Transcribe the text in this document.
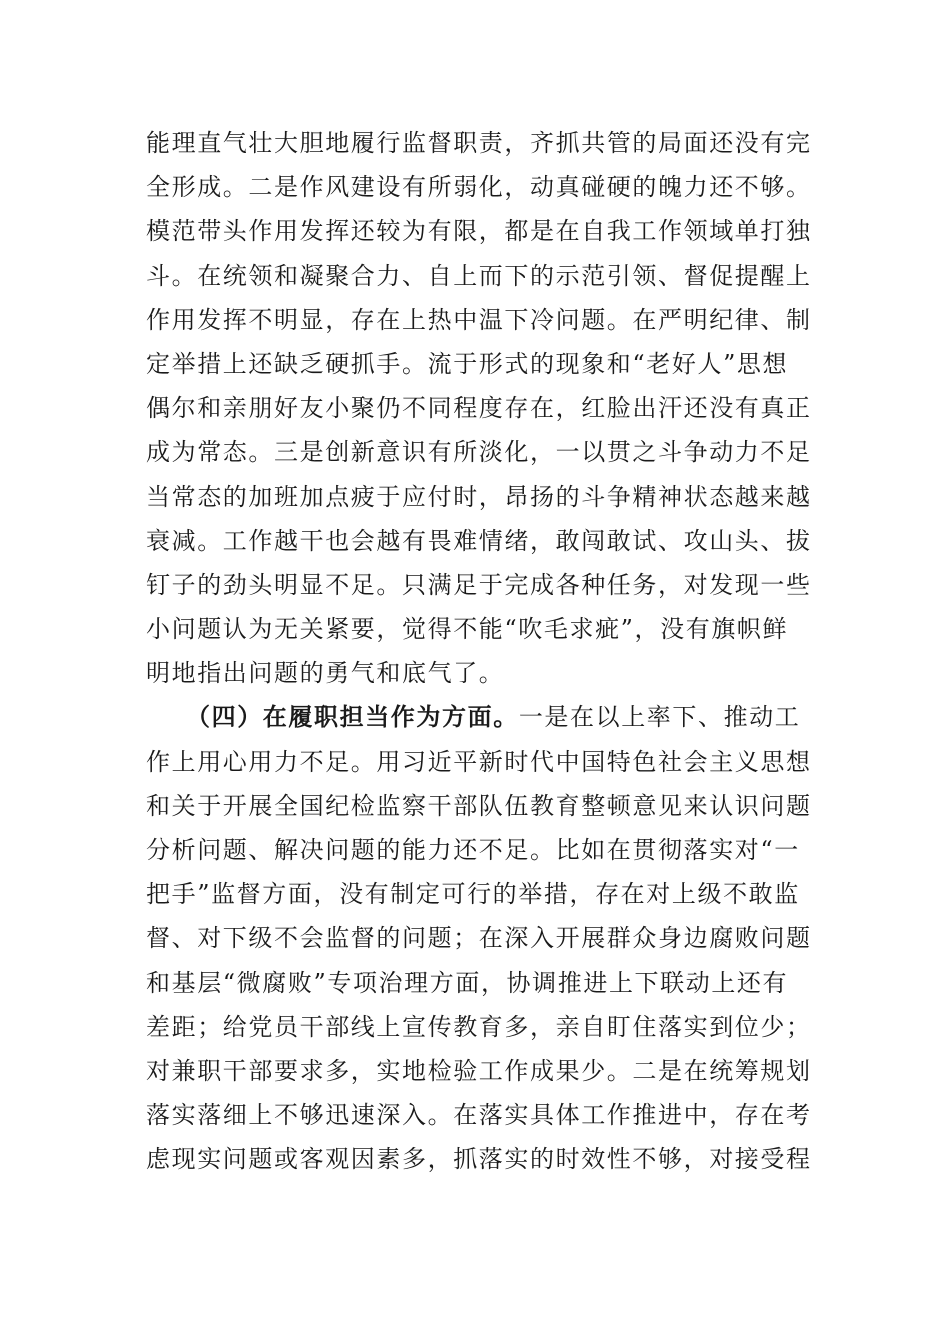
能理直气壮大胆地履行监督职责，齐抓共管的局面还没有完
全形成。二是作风建设有所弱化，动真碰硬的魄力还不够。
模范带头作用发挥还较为有限，都是在自我工作领域单打独
斗。在统领和凝聚合力、自上而下的示范引领、督促提醒上
作用发挥不明显，存在上热中温下冷问题。在严明纪律、制
定举措上还缺乏硬抓手。流于形式的现象和“老好人”思想
偶尔和亲朋好友小聚仍不同程度存在，红脸出汗还没有真正
成为常态。三是创新意识有所淡化，一以贯之斗争动力不足
当常态的加班加点疲于应付时，昂扬的斗争精神状态越来越
衰减。工作越干也会越有畏难情绪，敢闯敢试、攻山头、拔
钉子的劲头明显不足。只满足于完成各种任务，对发现一些
小问题认为无关紧要，觉得不能“吹毛求疵”，没有旗帜鲜
明地指出问题的勇气和底气了。
（四）在履职担当作为方面。一是在以上率下、推动工
作上用心用力不足。用习近平新时代中国特色社会主义思想
和关于开展全国纪检监察干部队伍教育整顿意见来认识问题
分析问题、解决问题的能力还不足。比如在贯彻落实对“一
把手”监督方面，没有制定可行的举措，存在对上级不敢监
督、对下级不会监督的问题；在深入开展群众身边腐败问题
和基层“微腐败”专项治理方面，协调推进上下联动上还有
差距；给党员干部线上宣传教育多，亲自盯住落实到位少；
对兼职干部要求多，实地检验工作成果少。二是在统筹规划
落实落细上不够迅速深入。在落实具体工作推进中，存在考
虑现实问题或客观因素多，抓落实的时效性不够，对接受程
